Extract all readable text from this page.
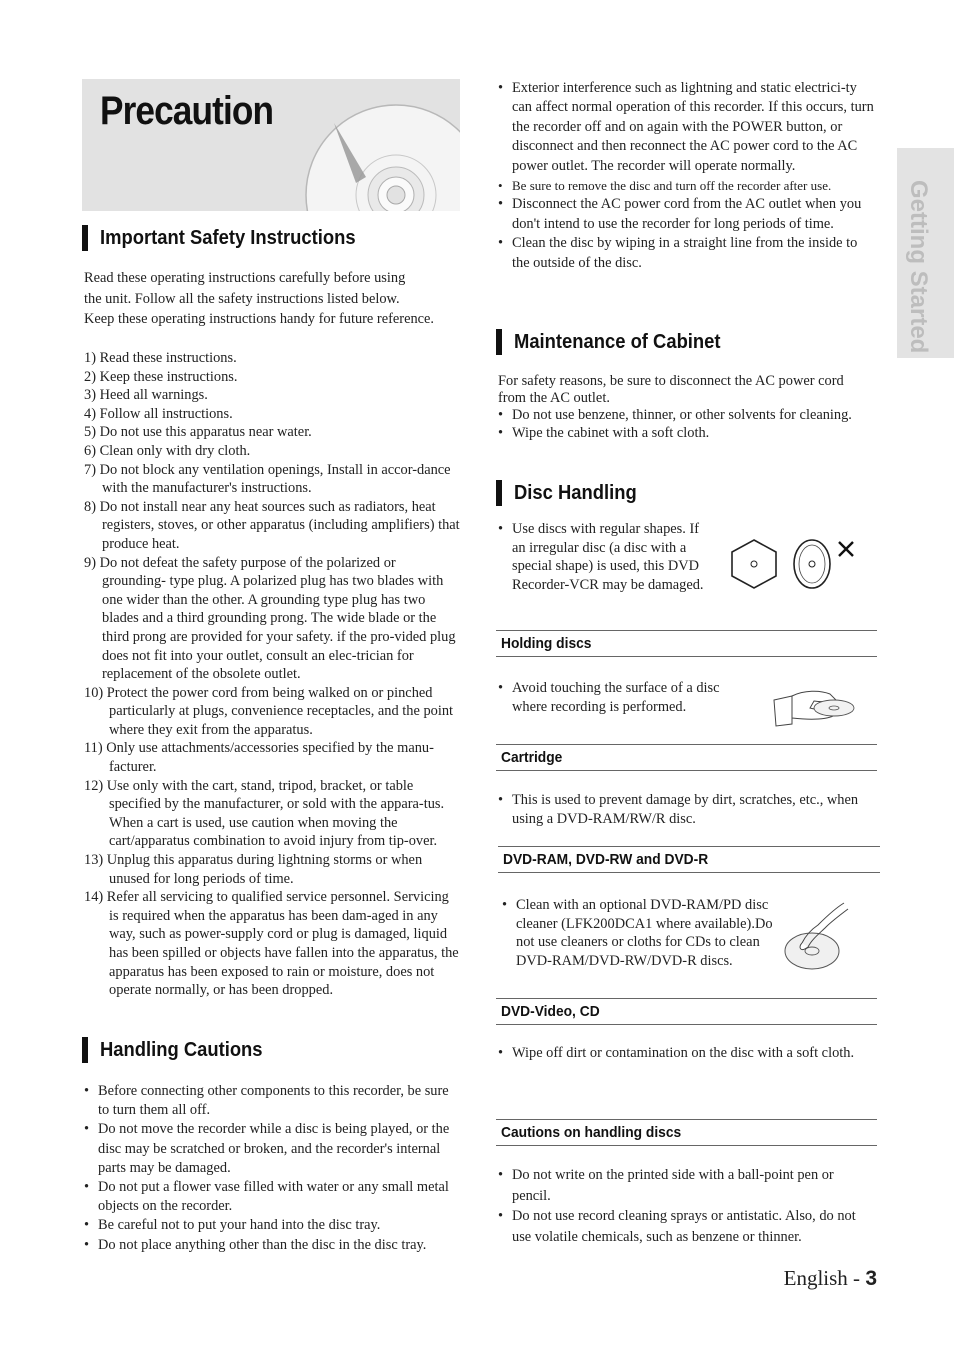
Precaution
Getting Started
Important Safety Instructions
Read these operating instructions carefully before using
the unit. Follow all the safety instructions listed below.
Keep these operating instructions handy for future reference.
1) Read these instructions.
2) Keep these instructions.
3) Heed all warnings.
4) Follow all instructions.
5) Do not use this apparatus near water.
6) Clean only with dry cloth.
7) Do not block any ventilation openings, Install in accor-dance with the manufacturer's instructions.
8) Do not install near any heat sources such as radiators, heat registers, stoves, or other apparatus (including amplifiers) that produce heat.
9) Do not defeat the safety purpose of the polarized or grounding- type plug. A polarized plug has two blades with one wider than the other. A grounding type plug has two blades and a third grounding prong. The wide blade or the third prong are provided for your safety. if the pro-vided plug does not fit into your outlet, consult an elec-trician for replacement of the obsolete outlet.
10) Protect the power cord from being walked on or pinched particularly at plugs, convenience receptacles, and the point where they exit from the apparatus.
11) Only use attachments/accessories specified by the manu-facturer.
12) Use only with the cart, stand, tripod, bracket, or table specified by the manufacturer, or sold with the appara-tus. When a cart is used, use caution when moving the cart/apparatus combination to avoid injury from tip-over.
13) Unplug this apparatus during lightning storms or when unused for long periods of time.
14) Refer all servicing to qualified service personnel. Servicing is required when the apparatus has been dam-aged in any way, such as power-supply cord or plug is damaged, liquid has been spilled or objects have fallen into the apparatus, the apparatus has been exposed to rain or moisture, does not operate normally, or has been dropped.
Handling Cautions
• Before connecting other components to this recorder, be sure to turn them all off.
• Do not move the recorder while a disc is being played, or the disc may be scratched or broken, and the recorder's internal parts may be damaged.
• Do not put a flower vase filled with water or any small metal objects on the recorder.
• Be careful not to put your hand into the disc tray.
• Do not place anything other than the disc in the disc tray.
• Exterior interference such as lightning and static electrici-ty can affect normal operation of this recorder. If this occurs, turn the recorder off and on again with the POWER button, or disconnect and then reconnect the AC power cord to the AC power outlet. The recorder will operate normally.
• Be sure to remove the disc and turn off the recorder after use.
• Disconnect the AC power cord from the AC outlet when you don't intend to use the recorder for long periods of time.
• Clean the disc by wiping in a straight line from the inside to the outside of the disc.
Maintenance of Cabinet
For safety reasons, be sure to disconnect the AC power cord from the AC outlet.
• Do not use benzene, thinner, or other solvents for cleaning.
• Wipe the cabinet with a soft cloth.
Disc Handling
• Use discs with regular shapes. If an irregular disc (a disc with a special shape) is used, this DVD Recorder-VCR may be damaged.
Holding discs
• Avoid touching the surface of a disc where recording is performed.
Cartridge
• This is used to prevent damage by dirt, scratches, etc., when using a DVD-RAM/RW/R disc.
DVD-RAM, DVD-RW and DVD-R
• Clean with an optional DVD-RAM/PD disc cleaner (LFK200DCA1 where available).Do not use cleaners or cloths for CDs to clean DVD-RAM/DVD-RW/DVD-R discs.
DVD-Video, CD
• Wipe off dirt or contamination on the disc with a soft cloth.
Cautions on handling discs
• Do not write on the printed side with a ball-point pen or pencil.
• Do not use record cleaning sprays or antistatic. Also, do not use volatile chemicals, such as benzene or thinner.
English - 3
